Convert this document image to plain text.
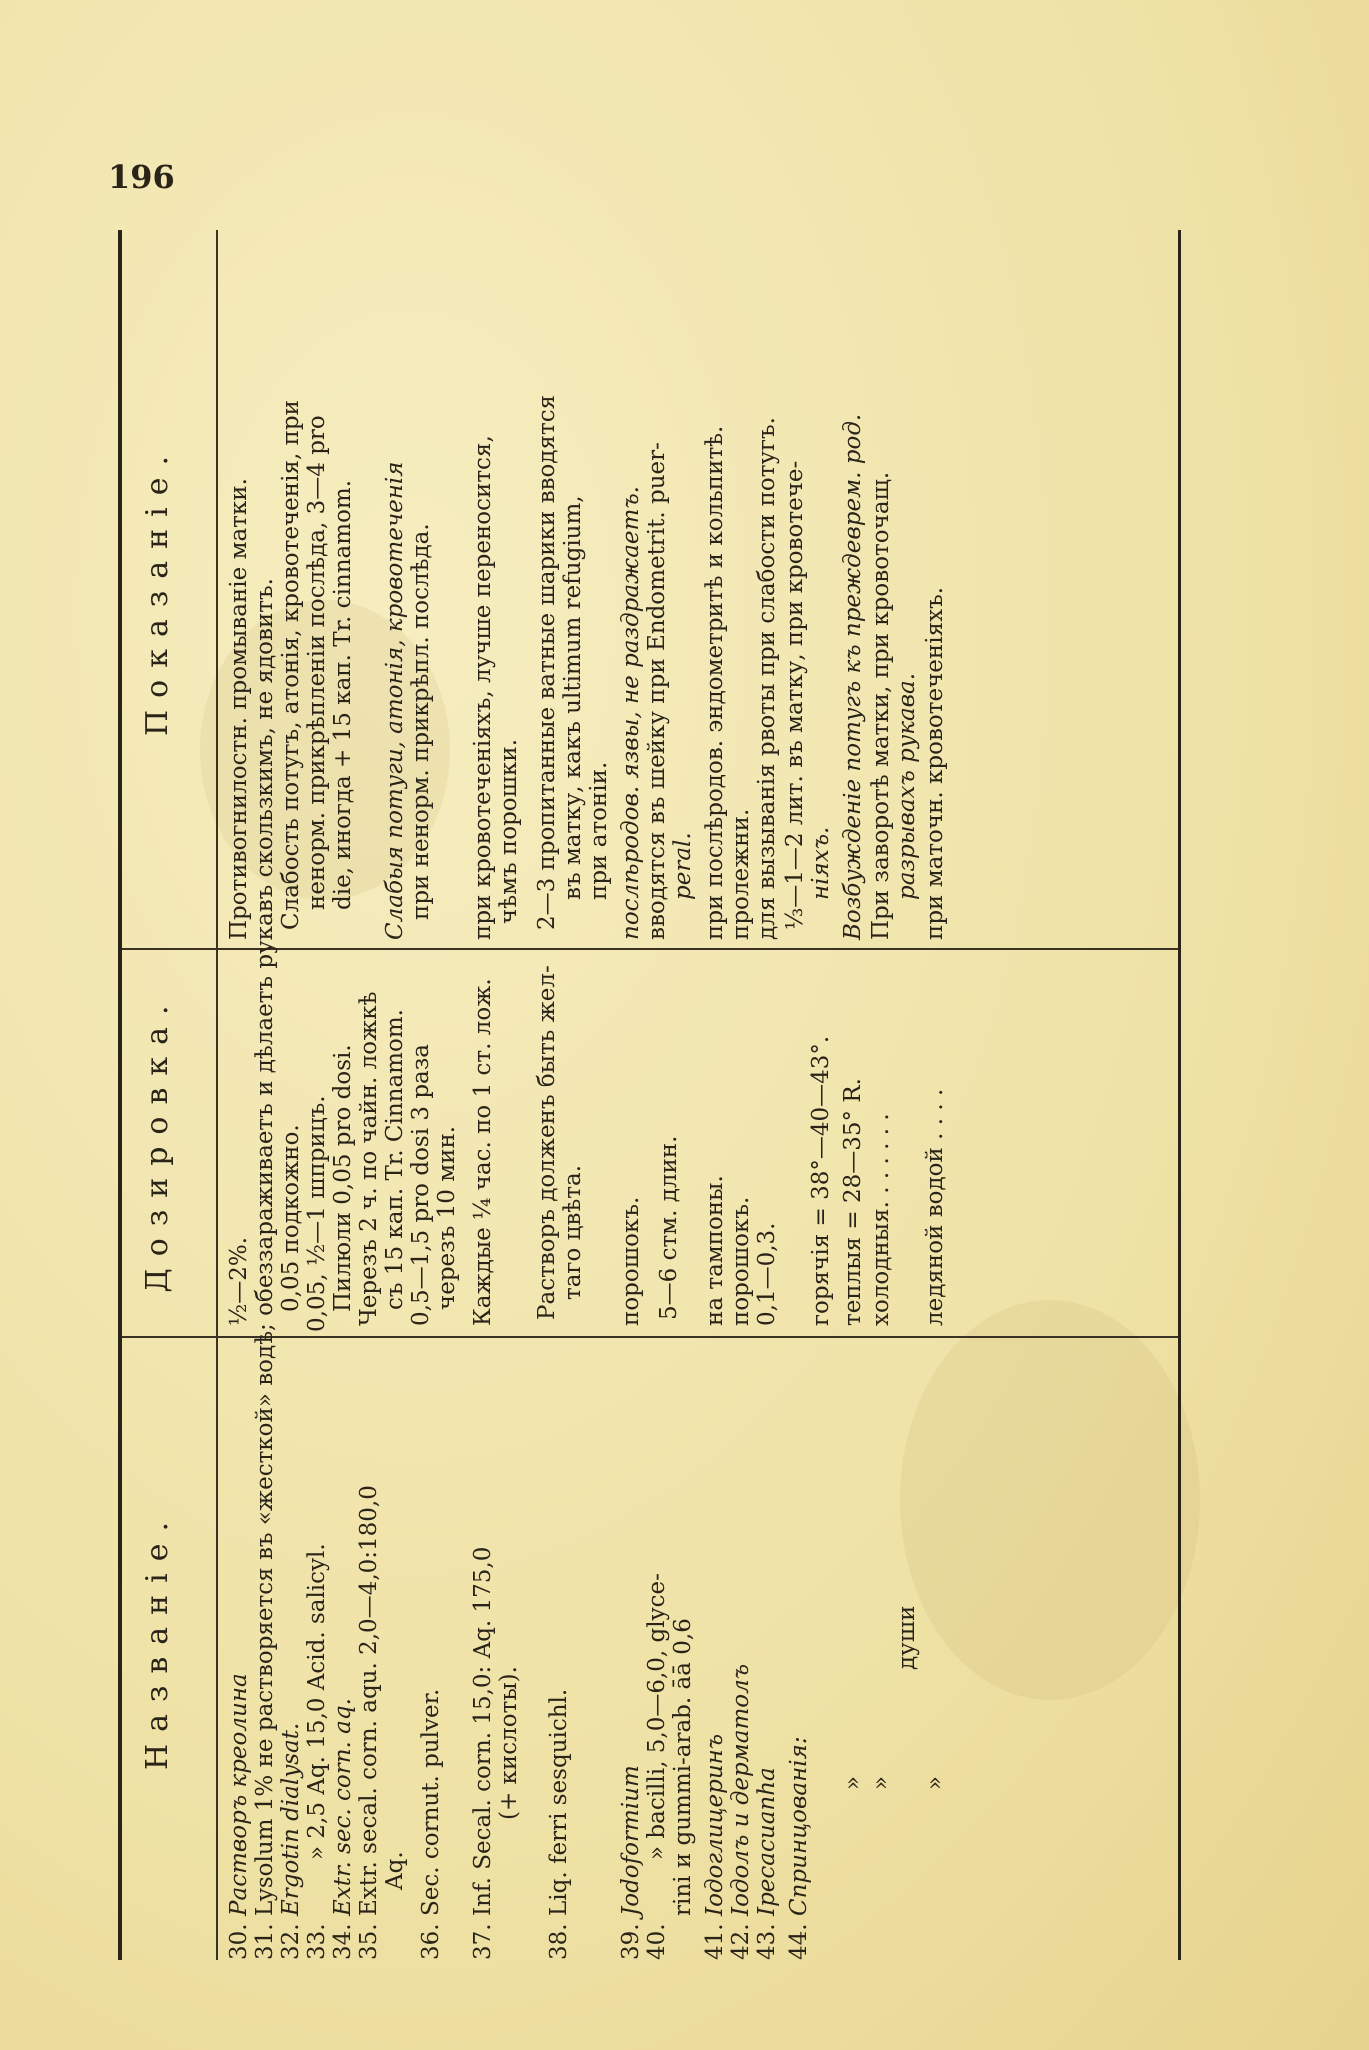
196
Названіе.
Дозировка.
Показаніе.
30.
Растворъ креолина
½—2%.
Противогнилостн. промываніе матки.
31.
Lysolum 1% не растворяется въ «жесткой» водѣ; обеззараживаетъ и дѣлаетъ рукавъ скользкимъ, не ядовитъ.
32.
Ergotin dialysat.
0,05 подкожно.
Слабость потугъ, атонія, кровотеченія, при
33.
» 2,5 Aq. 15,0 Acid. salicyl.
0,05, ½—1 шприцъ.
ненорм. прикрѣпленіи послѣда, 3—4 pro
34.
Extr. sec. corn. aq.
Пилюли 0,05 pro dosi.
die, иногда + 15 кап. Tr. cinnamom.
35.
Extr. secal. corn. aqu. 2,0—4,0:180,0
Черезъ 2 ч. по чайн. ложкѣ
Aq.
съ 15 кап. Tr. Cinnamom.
Слабыя потуги, атонія, кровотеченія
36.
Sec. cornut. pulver.
0,5—1,5 pro dosi 3 раза
при ненорм. прикрѣпл. послѣда.
черезъ 10 мин.
37.
Inf. Secal. corn. 15,0: Aq. 175,0
Каждые ¼ час. по 1 ст. лож.
при кровотеченіяхъ, лучше переносится,
(+ кислоты).
чѣмъ порошки.
38.
Liq. ferri sesquichl.
Растворъ долженъ быть жел-
2—3 пропитанные ватные шарики вводятся
таго цвѣта.
въ матку, какъ ultimum refugium, при атоніи.
39.
Jodoformium
порошокъ.
послѣродов. язвы, не раздражаетъ.
40.
» bacilli, 5,0—6,0, glyce-
5—6 стм. длин.
вводятся въ шейку при Endometrit. puer-
rini и gummi-arab. āā 0,6
peral.
41.
Іодоглицеринъ
на тампоны.
при послѣродов. эндометритѣ и кольпитѣ.
42.
Іодолъ и дерматолъ
порошокъ.
пролежни.
43.
Ipecacuanha
0,1—0,3.
для вызыванія рвоты при слабости потугъ.
44.
Спринцованія:
⅓—1—2 лит. въ матку, при кровотече-
горячія = 38°—40—43°.
ніяхъ.
»
теплыя = 28—35° R.
Возбужденіе потугъ къ преждеврем. род.
»
холодныя. . . . . . .
При заворотѣ матки, при кровоточащ.
души
разрывахъ рукава.
»
ледяной водой . . . .
при маточн. кровотеченіяхъ.
